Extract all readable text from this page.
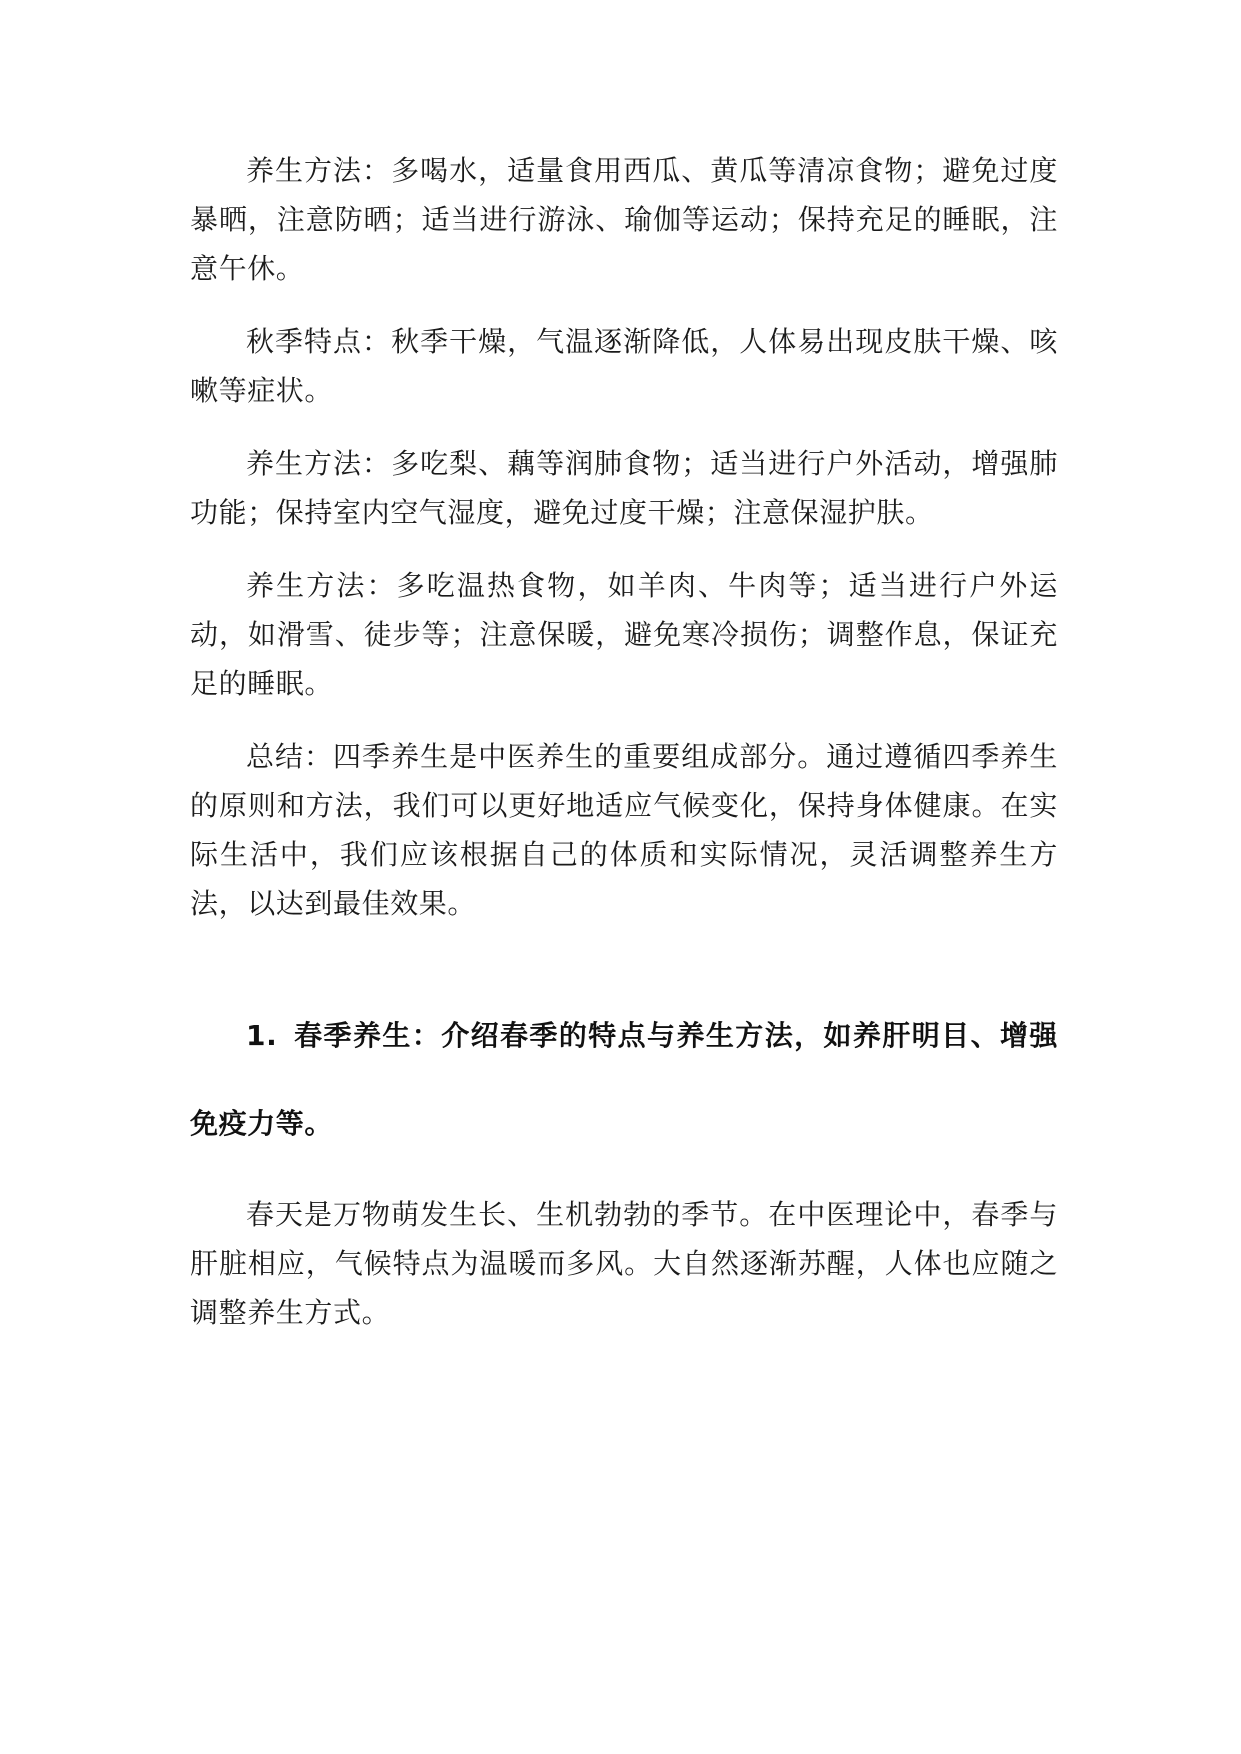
养生方法：多喝水，适量食用西瓜、黄瓜等清凉食物；避免过度暴晒，注意防晒；适当进行游泳、瑜伽等运动；保持充足的睡眠，注意午休。

秋季特点：秋季干燥，气温逐渐降低，人体易出现皮肤干燥、咳嗽等症状。

养生方法：多吃梨、藕等润肺食物；适当进行户外活动，增强肺功能；保持室内空气湿度，避免过度干燥；注意保湿护肤。

养生方法：多吃温热食物，如羊肉、牛肉等；适当进行户外运动，如滑雪、徒步等；注意保暖，避免寒冷损伤；调整作息，保证充足的睡眠。

总结：四季养生是中医养生的重要组成部分。通过遵循四季养生的原则和方法，我们可以更好地适应气候变化，保持身体健康。在实际生活中，我们应该根据自己的体质和实际情况，灵活调整养生方法，以达到最佳效果。

1. 春季养生：介绍春季的特点与养生方法，如养肝明目、增强免疫力等。

春天是万物萌发生长、生机勃勃的季节。在中医理论中，春季与肝脏相应，气候特点为温暖而多风。大自然逐渐苏醒，人体也应随之调整养生方式。
